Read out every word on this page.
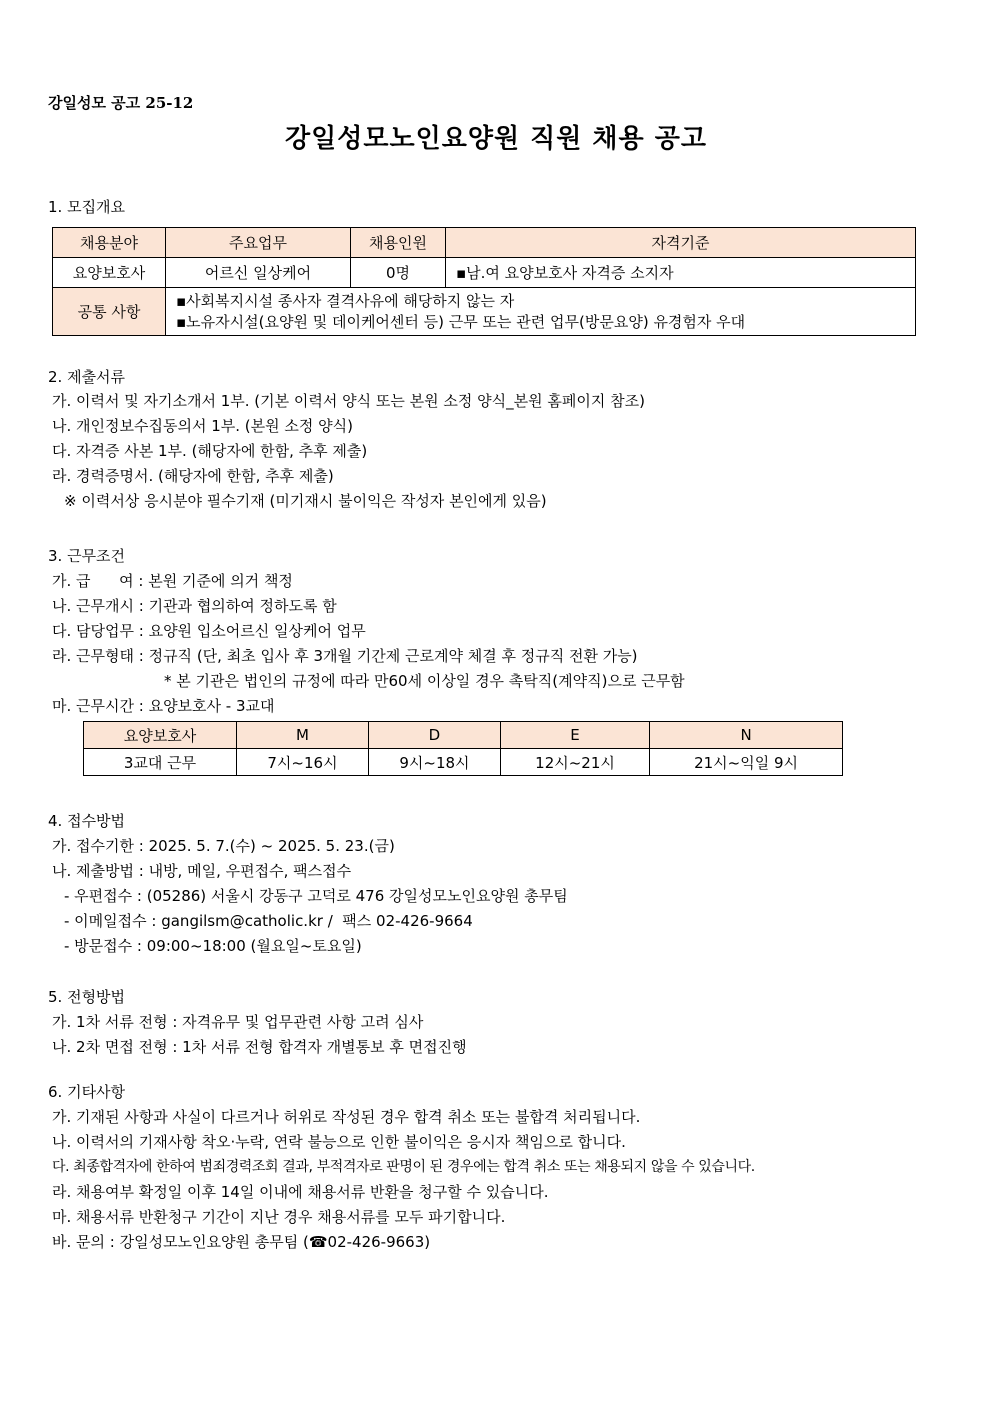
강일성모 공고 25-12
강일성모노인요양원 직원 채용 공고
1. 모집개요
채용분야	주요업무	채용인원	자격기준
요양보호사	어르신 일상케어	0명	▪남.여 요양보호사 자격증 소지자
공통 사항	▪사회복지시설 종사자 결격사유에 해당하지 않는 자
▪노유자시설(요양원 및 데이케어센터 등) 근무 또는 관련 업무(방문요양) 유경험자 우대		
2. 제출서류
가. 이력서 및 자기소개서 1부. (기본 이력서 양식 또는 본원 소정 양식_본원 홈페이지 참조)
나. 개인정보수집동의서 1부. (본원 소정 양식)
다. 자격증 사본 1부. (해당자에 한함, 추후 제출)
라. 경력증명서. (해당자에 한함, 추후 제출)
※ 이력서상 응시분야 필수기재 (미기재시 불이익은 작성자 본인에게 있음)
3. 근무조건
가. 급      여 : 본원 기준에 의거 책정
나. 근무개시 : 기관과 협의하여 정하도록 함
다. 담당업무 : 요양원 입소어르신 일상케어 업무
라. 근무형태 : 정규직 (단, 최초 입사 후 3개월 기간제 근로계약 체결 후 정규직 전환 가능)
* 본 기관은 법인의 규정에 따라 만60세 이상일 경우 촉탁직(계약직)으로 근무함
마. 근무시간 : 요양보호사 - 3교대
요양보호사	M	D	E	N
3교대 근무	7시~16시	9시~18시	12시~21시	21시~익일 9시
4. 접수방법
가. 접수기한 : 2025. 5. 7.(수) ~ 2025. 5. 23.(금)
나. 제출방법 : 내방, 메일, 우편접수, 팩스접수
- 우편접수 : (05286) 서울시 강동구 고덕로 476 강일성모노인요양원 총무팀
- 이메일접수 : gangilsm@catholic.kr /  팩스 02-426-9664
- 방문접수 : 09:00~18:00 (월요일~토요일)
5. 전형방법
가. 1차 서류 전형 : 자격유무 및 업무관련 사항 고려 심사
나. 2차 면접 전형 : 1차 서류 전형 합격자 개별통보 후 면접진행
6. 기타사항
가. 기재된 사항과 사실이 다르거나 허위로 작성된 경우 합격 취소 또는 불합격 처리됩니다.
나. 이력서의 기재사항 착오·누락, 연락 불능으로 인한 불이익은 응시자 책임으로 합니다.
다. 최종합격자에 한하여 범죄경력조회 결과, 부적격자로 판명이 된 경우에는 합격 취소 또는 채용되지 않을 수 있습니다.
라. 채용여부 확정일 이후 14일 이내에 채용서류 반환을 청구할 수 있습니다.
마. 채용서류 반환청구 기간이 지난 경우 채용서류를 모두 파기합니다.
바. 문의 : 강일성모노인요양원 총무팀 (☎02-426-9663)
